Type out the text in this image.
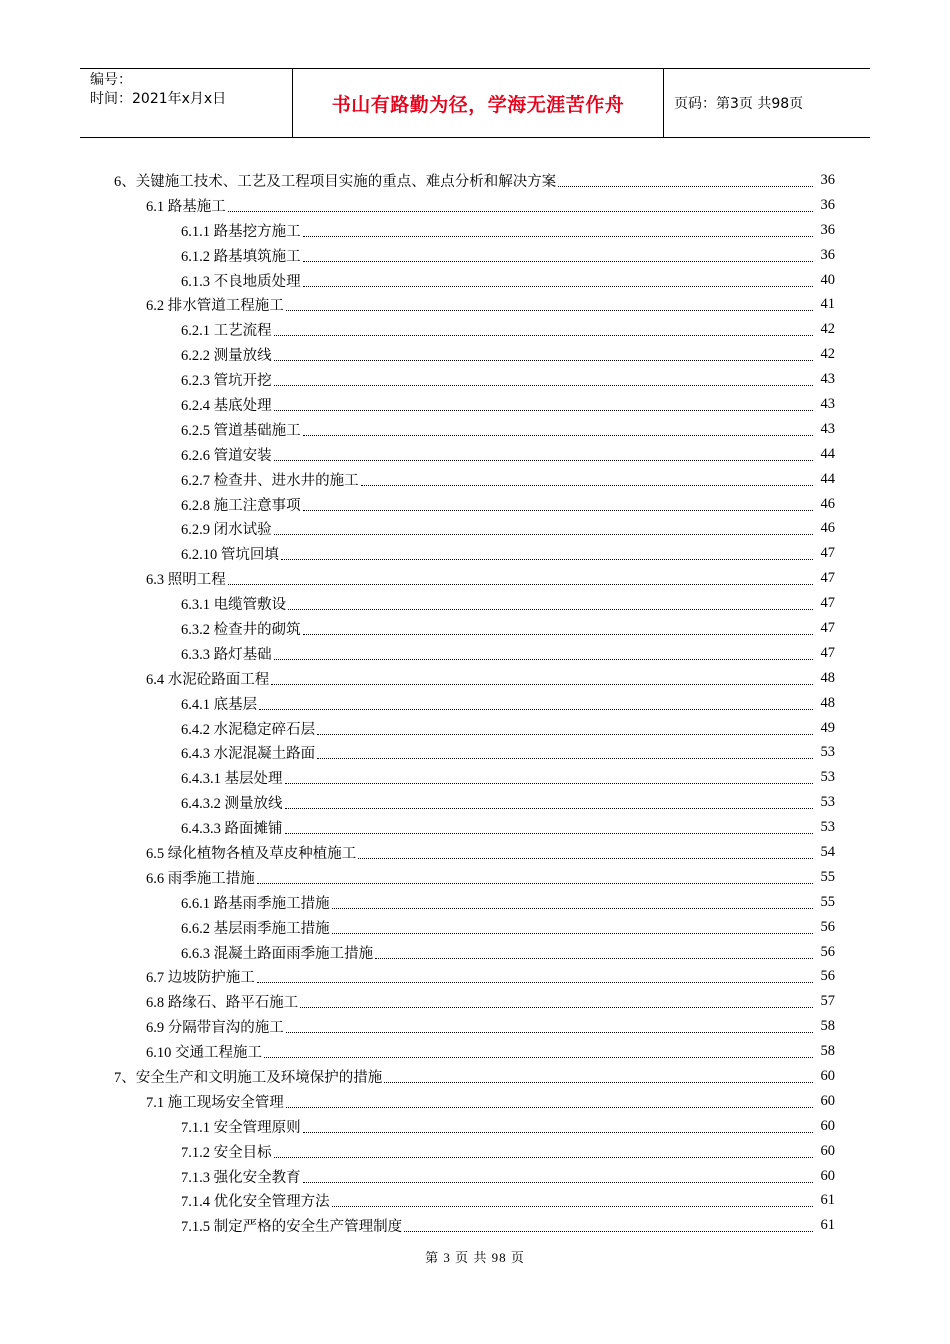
编号：
时间：2021年x月x日	书山有路勤为径，学海无涯苦作舟	页码：第3页 共98页
6、关键施工技术、工艺及工程项目实施的重点、难点分析和解决方案	36
6.1 路基施工	36
6.1.1 路基挖方施工	36
6.1.2 路基填筑施工	36
6.1.3 不良地质处理	40
6.2 排水管道工程施工	41
6.2.1 工艺流程	42
6.2.2 测量放线	42
6.2.3 管坑开挖	43
6.2.4 基底处理	43
6.2.5 管道基础施工	43
6.2.6 管道安装	44
6.2.7 检查井、进水井的施工	44
6.2.8 施工注意事项	46
6.2.9 闭水试验	46
6.2.10 管坑回填	47
6.3 照明工程	47
6.3.1 电缆管敷设	47
6.3.2 检查井的砌筑	47
6.3.3 路灯基础	47
6.4 水泥砼路面工程	48
6.4.1 底基层	48
6.4.2 水泥稳定碎石层	49
6.4.3 水泥混凝土路面	53
6.4.3.1 基层处理	53
6.4.3.2 测量放线	53
6.4.3.3 路面摊铺	53
6.5 绿化植物各植及草皮种植施工	54
6.6 雨季施工措施	55
6.6.1 路基雨季施工措施	55
6.6.2 基层雨季施工措施	56
6.6.3 混凝土路面雨季施工措施	56
6.7 边坡防护施工	56
6.8 路缘石、路平石施工	57
6.9 分隔带盲沟的施工	58
6.10 交通工程施工	58
7、安全生产和文明施工及环境保护的措施	60
7.1 施工现场安全管理	60
7.1.1 安全管理原则	60
7.1.2 安全目标	60
7.1.3 强化安全教育	60
7.1.4 优化安全管理方法	61
7.1.5 制定严格的安全生产管理制度	61
第 3 页 共 98 页
